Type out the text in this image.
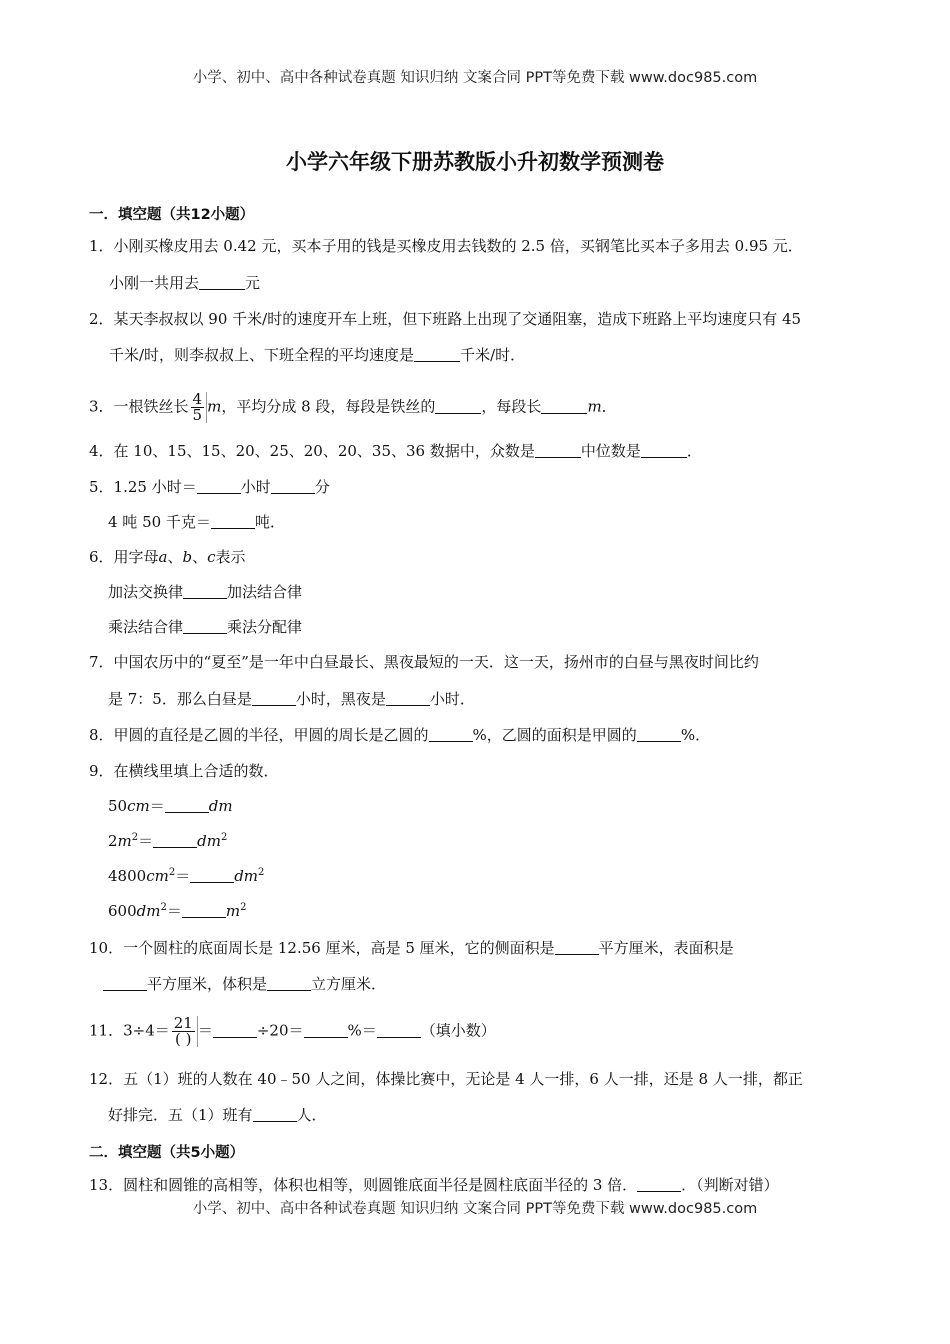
小学、初中、高中各种试卷真题 知识归纳 文案合同 PPT等免费下载 www.doc985.com
小学六年级下册苏教版小升初数学预测卷
一．填空题（共12小题）
1．小刚买橡皮用去 0.42 元，买本子用的钱是买橡皮用去钱数的 2.5 倍，买钢笔比买本子多用去 0.95 元．
小刚一共用去	元
2．某天李叔叔以 90 千米/时的速度开车上班，但下班路上出现了交通阻塞，造成下班路上平均速度只有 45
千米/时，则李叔叔上、下班全程的平均速度是	千米/时．
3．一根铁丝长 $\frac{4}{5}$ m，平均分成 8 段，每段是铁丝的	，每段长	m．
4．在 10、15、15、20、25、20、20、35、36 数据中，众数是	中位数是	．
5．1.25 小时＝	小时	分
4 吨 50 千克＝	吨．
6．用字母a、b、c表示
加法交换律	加法结合律
乘法结合律	乘法分配律
7．中国农历中的“夏至”是一年中白昼最长、黑夜最短的一天．这一天，扬州市的白昼与黑夜时间比约
是 7：5．那么白昼是	小时，黑夜是	小时．
8．甲圆的直径是乙圆的半径，甲圆的周长是乙圆的	%，乙圆的面积是甲圆的	%．
9．在横线里填上合适的数．
50cm＝	dm
$2m^2=$	$dm^2$
$4800cm^2=$	$dm^2$
$600dm^2=$	$m^2$
10．一个圆柱的底面周长是 12.56 厘米，高是 5 厘米，它的侧面积是	平方厘米，表面积是
平方厘米，体积是	立方厘米．
11．$3\div 4= \frac{21}{( )}$ ＝	÷20＝	%＝	（填小数）
12．五（1）班的人数在 40﹣50 人之间，体操比赛中，无论是 4 人一排，6 人一排，还是 8 人一排，都正
好排完．五（1）班有	人．
二．填空题（共5小题）
13．圆柱和圆锥的高相等，体积也相等，则圆锥底面半径是圆柱底面半径的 3 倍．	．（判断对错）
小学、初中、高中各种试卷真题 知识归纳 文案合同 PPT等免费下载 www.doc985.com
